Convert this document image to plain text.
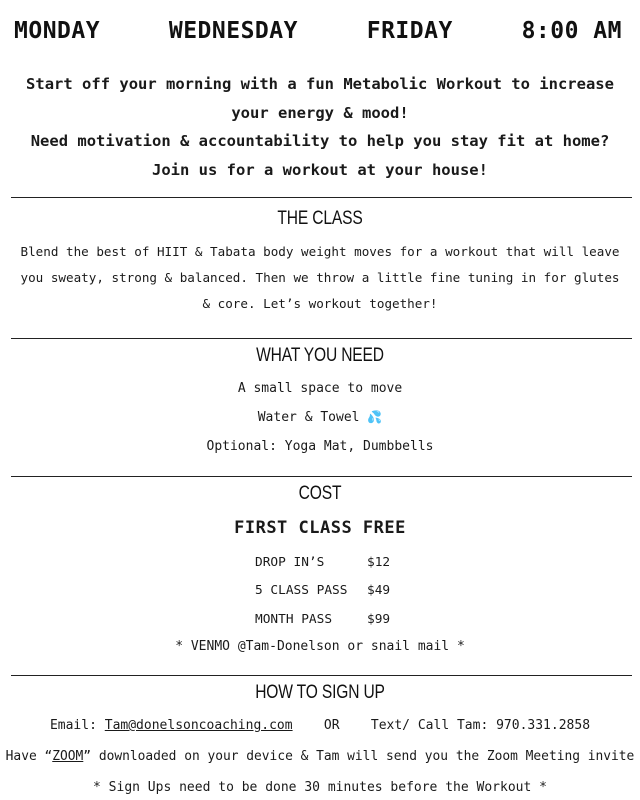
MONDAY	WEDNESDAY	FRIDAY	8:00 AM
Start off your morning with a fun Metabolic Workout to increase
your energy & mood!
Need motivation & accountability to help you stay fit at home?
Join us for a workout at your house!
THE CLASS
Blend the best of HIIT & Tabata body weight moves for a workout that will leave
you sweaty, strong & balanced. Then we throw a little fine tuning in for glutes
& core. Let’s workout together!
WHAT YOU NEED
A small space to move
Water & Towel 💦
Optional: Yoga Mat, Dumbbells
COST
FIRST CLASS FREE
DROP IN’S	$12
5 CLASS PASS	$49
MONTH PASS	$99
* VENMO @Tam-Donelson or snail mail *
HOW TO SIGN UP
Email: Tam@donelsoncoaching.com OR Text/ Call Tam: 970.331.2858
Have “ZOOM” downloaded on your device & Tam will send you the Zoom Meeting invite
* Sign Ups need to be done 30 minutes before the Workout *
